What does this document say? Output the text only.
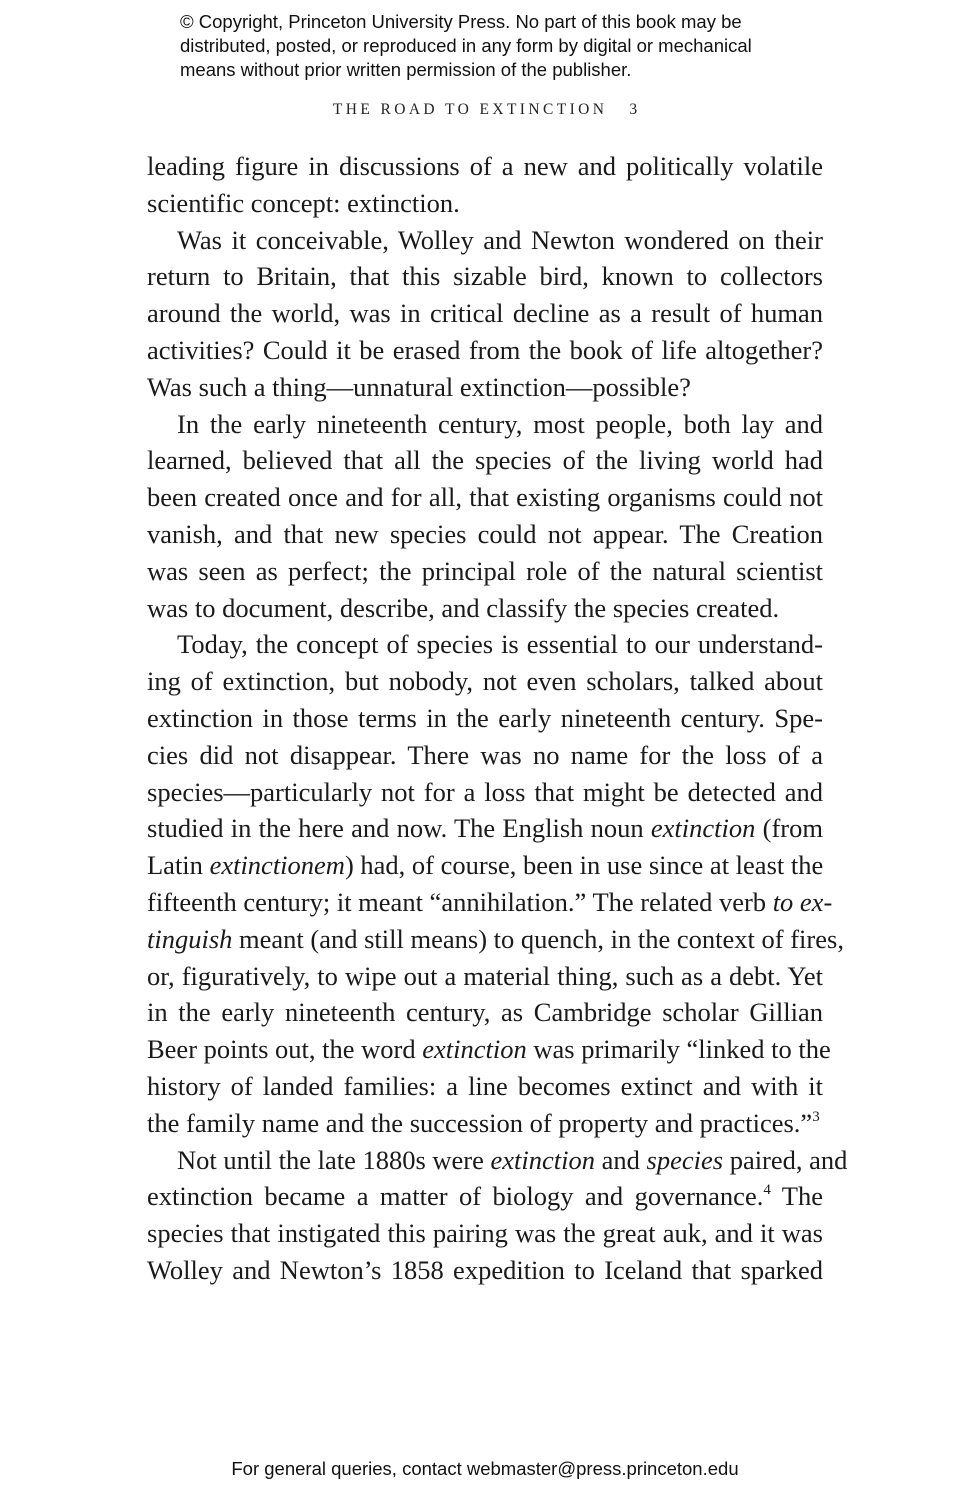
© Copyright, Princeton University Press. No part of this book may be
distributed, posted, or reproduced in any form by digital or mechanical
means without prior written permission of the publisher.
THE ROAD TO EXTINCTION 3
leading figure in discussions of a new and politically volatile
scientific concept: extinction.
Was it conceivable, Wolley and Newton wondered on their
return to Britain, that this sizable bird, known to collectors
around the world, was in critical decline as a result of human
activities? Could it be erased from the book of life altogether?
Was such a thing—unnatural extinction—possible?
In the early nineteenth century, most people, both lay and
learned, believed that all the species of the living world had
been created once and for all, that existing organisms could not
vanish, and that new species could not appear. The Creation
was seen as perfect; the principal role of the natural scientist
was to document, describe, and classify the species created.
Today, the concept of species is essential to our understand-
ing of extinction, but nobody, not even scholars, talked about
extinction in those terms in the early nineteenth century. Spe-
cies did not disappear. There was no name for the loss of a
species—particularly not for a loss that might be detected and
studied in the here and now. The English noun extinction (from
Latin extinctionem) had, of course, been in use since at least the
fifteenth century; it meant “annihilation.” The related verb to ex-
tinguish meant (and still means) to quench, in the context of fires,
or, figuratively, to wipe out a material thing, such as a debt. Yet
in the early nineteenth century, as Cambridge scholar Gillian
Beer points out, the word extinction was primarily “linked to the
history of landed families: a line becomes extinct and with it
the family name and the succession of property and practices.”$^3$
Not until the late 1880s were extinction and species paired, and
extinction became a matter of biology and governance.$^4$ The
species that instigated this pairing was the great auk, and it was
Wolley and Newton’s 1858 expedition to Iceland that sparked
For general queries, contact webmaster@press.princeton.edu
